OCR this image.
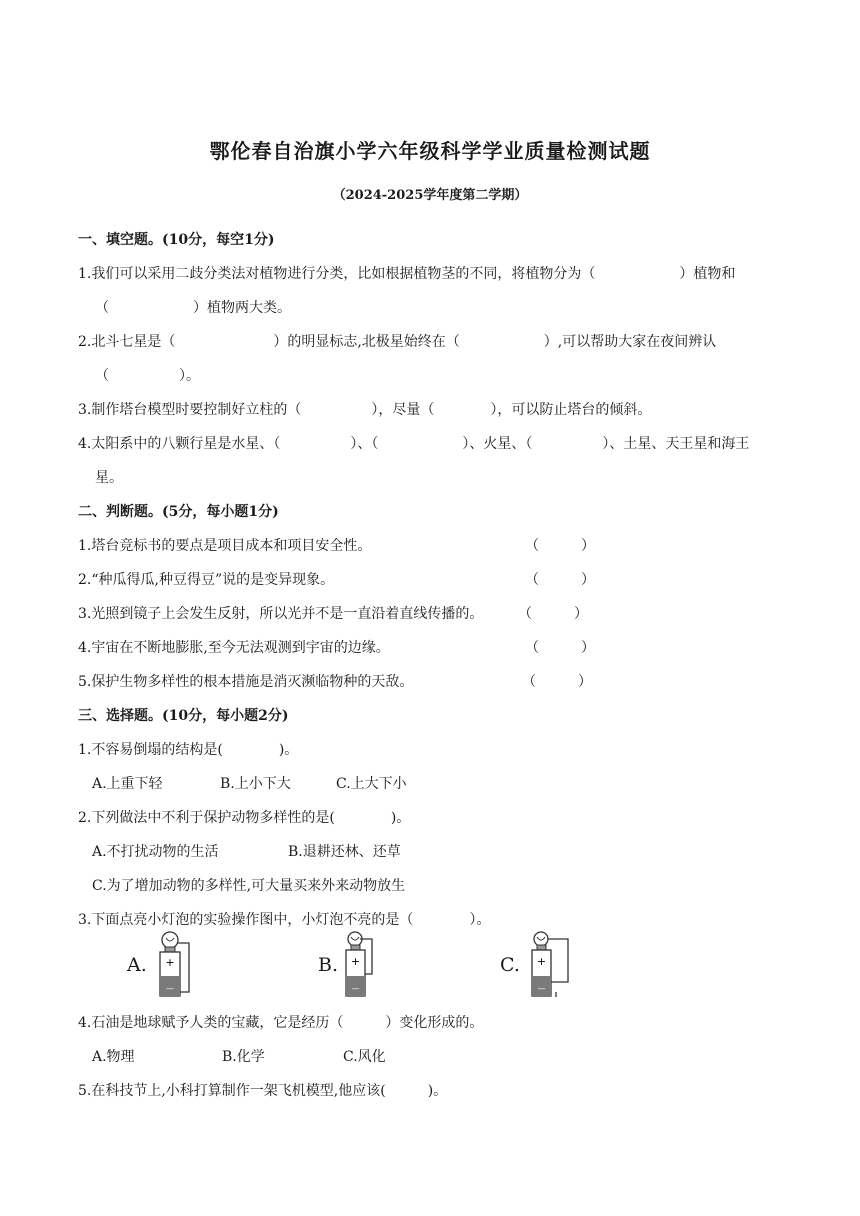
鄂伦春自治旗小学六年级科学学业质量检测试题
（2024-2025学年度第二学期）
一、填空题。(10分，每空1分)
1.我们可以采用二歧分类法对植物进行分类，比如根据植物茎的不同，将植物分为（　　　　　　）植物和
（　　　　　　）植物两大类。
2.北斗七星是（　　　　　　　）的明显标志,北极星始终在（　　　　　　）,可以帮助大家在夜间辨认
（　　　　　）。
3.制作塔台模型时要控制好立柱的（　　　　　），尽量（　　　　），可以防止塔台的倾斜。
4.太阳系中的八颗行星是水星、（　　　　　）、（　　　　　　）、火星、（　　　　　）、土星、天王星和海王
星。
二、判断题。(5分，每小题1分)
1.塔台竞标书的要点是项目成本和项目安全性。	（　　　）
2.“种瓜得瓜,种豆得豆”说的是变异现象。	（　　　）
3.光照到镜子上会发生反射，所以光并不是一直沿着直线传播的。 （　　　）
4.宇宙在不断地膨胀,至今无法观测到宇宙的边缘。	（　　　）
5.保护生物多样性的根本措施是消灭濒临物种的天敌。	（　　　）
三、选择题。(10分，每小题2分)
1.不容易倒塌的结构是(　　　　)。
A.上重下轻	B.上小下大	C.上大下小
2.下列做法中不利于保护动物多样性的是(　　　　)。
A.不打扰动物的生活	B.退耕还林、还草
C.为了增加动物的多样性,可大量买来外来动物放生
3.下面点亮小灯泡的实验操作图中，小灯泡不亮的是（　　　　）。
A. +
—
B. +
—
C. +
—
4.石油是地球赋予人类的宝藏，它是经历（　　　）变化形成的。
A.物理	B.化学	C.风化
5.在科技节上,小科打算制作一架飞机模型,他应该(　　　)。
